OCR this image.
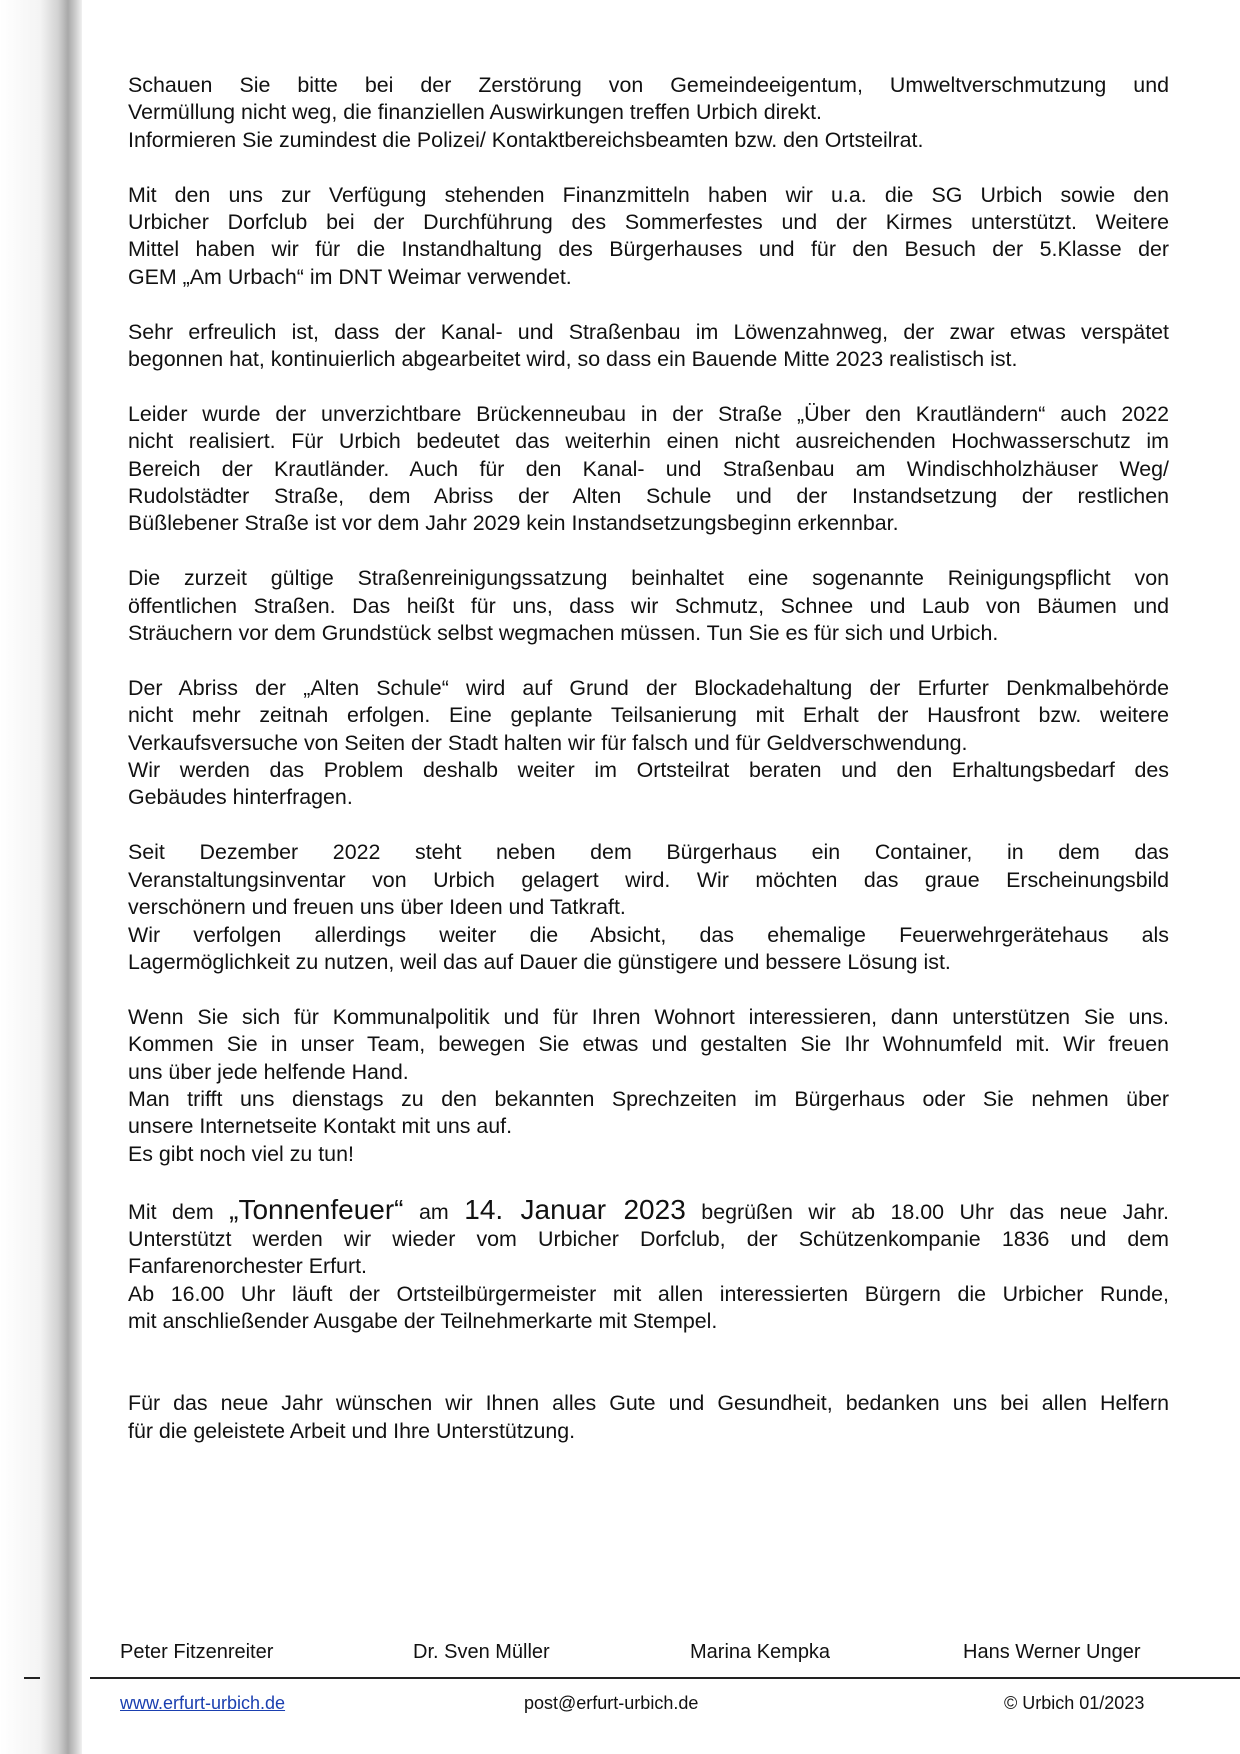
Schauen Sie bitte bei der Zerstörung von Gemeindeeigentum, Umweltverschmutzung und
Vermüllung nicht weg, die finanziellen Auswirkungen treffen Urbich direkt.
Informieren Sie zumindest die Polizei/ Kontaktbereichsbeamten bzw. den Ortsteilrat.
Mit den uns zur Verfügung stehenden Finanzmitteln haben wir u.a. die SG Urbich sowie den
Urbicher Dorfclub bei der Durchführung des Sommerfestes und der Kirmes unterstützt. Weitere
Mittel haben wir für die Instandhaltung des Bürgerhauses und für den Besuch der 5.Klasse der
GEM „Am Urbach“ im DNT Weimar verwendet.
Sehr erfreulich ist, dass der Kanal- und Straßenbau im Löwenzahnweg, der zwar etwas verspätet
begonnen hat, kontinuierlich abgearbeitet wird, so dass ein Bauende Mitte 2023 realistisch ist.
Leider wurde der unverzichtbare Brückenneubau in der Straße „Über den Krautländern“ auch 2022
nicht realisiert. Für Urbich bedeutet das weiterhin einen nicht ausreichenden Hochwasserschutz im
Bereich der Krautländer. Auch für den Kanal- und Straßenbau am Windischholzhäuser Weg/
Rudolstädter Straße, dem Abriss der Alten Schule und der Instandsetzung der restlichen
Büßlebener Straße ist vor dem Jahr 2029 kein Instandsetzungsbeginn erkennbar.
Die zurzeit gültige Straßenreinigungssatzung beinhaltet eine sogenannte Reinigungspflicht von
öffentlichen Straßen. Das heißt für uns, dass wir Schmutz, Schnee und Laub von Bäumen und
Sträuchern vor dem Grundstück selbst wegmachen müssen. Tun Sie es für sich und Urbich.
Der Abriss der „Alten Schule“ wird auf Grund der Blockadehaltung der Erfurter Denkmalbehörde
nicht mehr zeitnah erfolgen. Eine geplante Teilsanierung mit Erhalt der Hausfront bzw. weitere
Verkaufsversuche von Seiten der Stadt halten wir für falsch und für Geldverschwendung.
Wir werden das Problem deshalb weiter im Ortsteilrat beraten und den Erhaltungsbedarf des
Gebäudes hinterfragen.
Seit Dezember 2022 steht neben dem Bürgerhaus ein Container, in dem das
Veranstaltungsinventar von Urbich gelagert wird. Wir möchten das graue Erscheinungsbild
verschönern und freuen uns über Ideen und Tatkraft.
Wir verfolgen allerdings weiter die Absicht, das ehemalige Feuerwehrgerätehaus als
Lagermöglichkeit zu nutzen, weil das auf Dauer die günstigere und bessere Lösung ist.
Wenn Sie sich für Kommunalpolitik und für Ihren Wohnort interessieren, dann unterstützen Sie uns.
Kommen Sie in unser Team, bewegen Sie etwas und gestalten Sie Ihr Wohnumfeld mit. Wir freuen
uns über jede helfende Hand.
Man trifft uns dienstags zu den bekannten Sprechzeiten im Bürgerhaus oder Sie nehmen über
unsere Internetseite Kontakt mit uns auf.
Es gibt noch viel zu tun!
Mit dem „Tonnenfeuer“ am 14. Januar 2023 begrüßen wir ab 18.00 Uhr das neue Jahr.
Unterstützt werden wir wieder vom Urbicher Dorfclub, der Schützenkompanie 1836 und dem
Fanfarenorchester Erfurt.
Ab 16.00 Uhr läuft der Ortsteilbürgermeister mit allen interessierten Bürgern die Urbicher Runde,
mit anschließender Ausgabe der Teilnehmerkarte mit Stempel.
Für das neue Jahr wünschen wir Ihnen alles Gute und Gesundheit, bedanken uns bei allen Helfern
für die geleistete Arbeit und Ihre Unterstützung.
Peter Fitzenreiter	Dr. Sven Müller	Marina Kempka	Hans Werner Unger
www.erfurt-urbich.de	post@erfurt-urbich.de	© Urbich 01/2023
